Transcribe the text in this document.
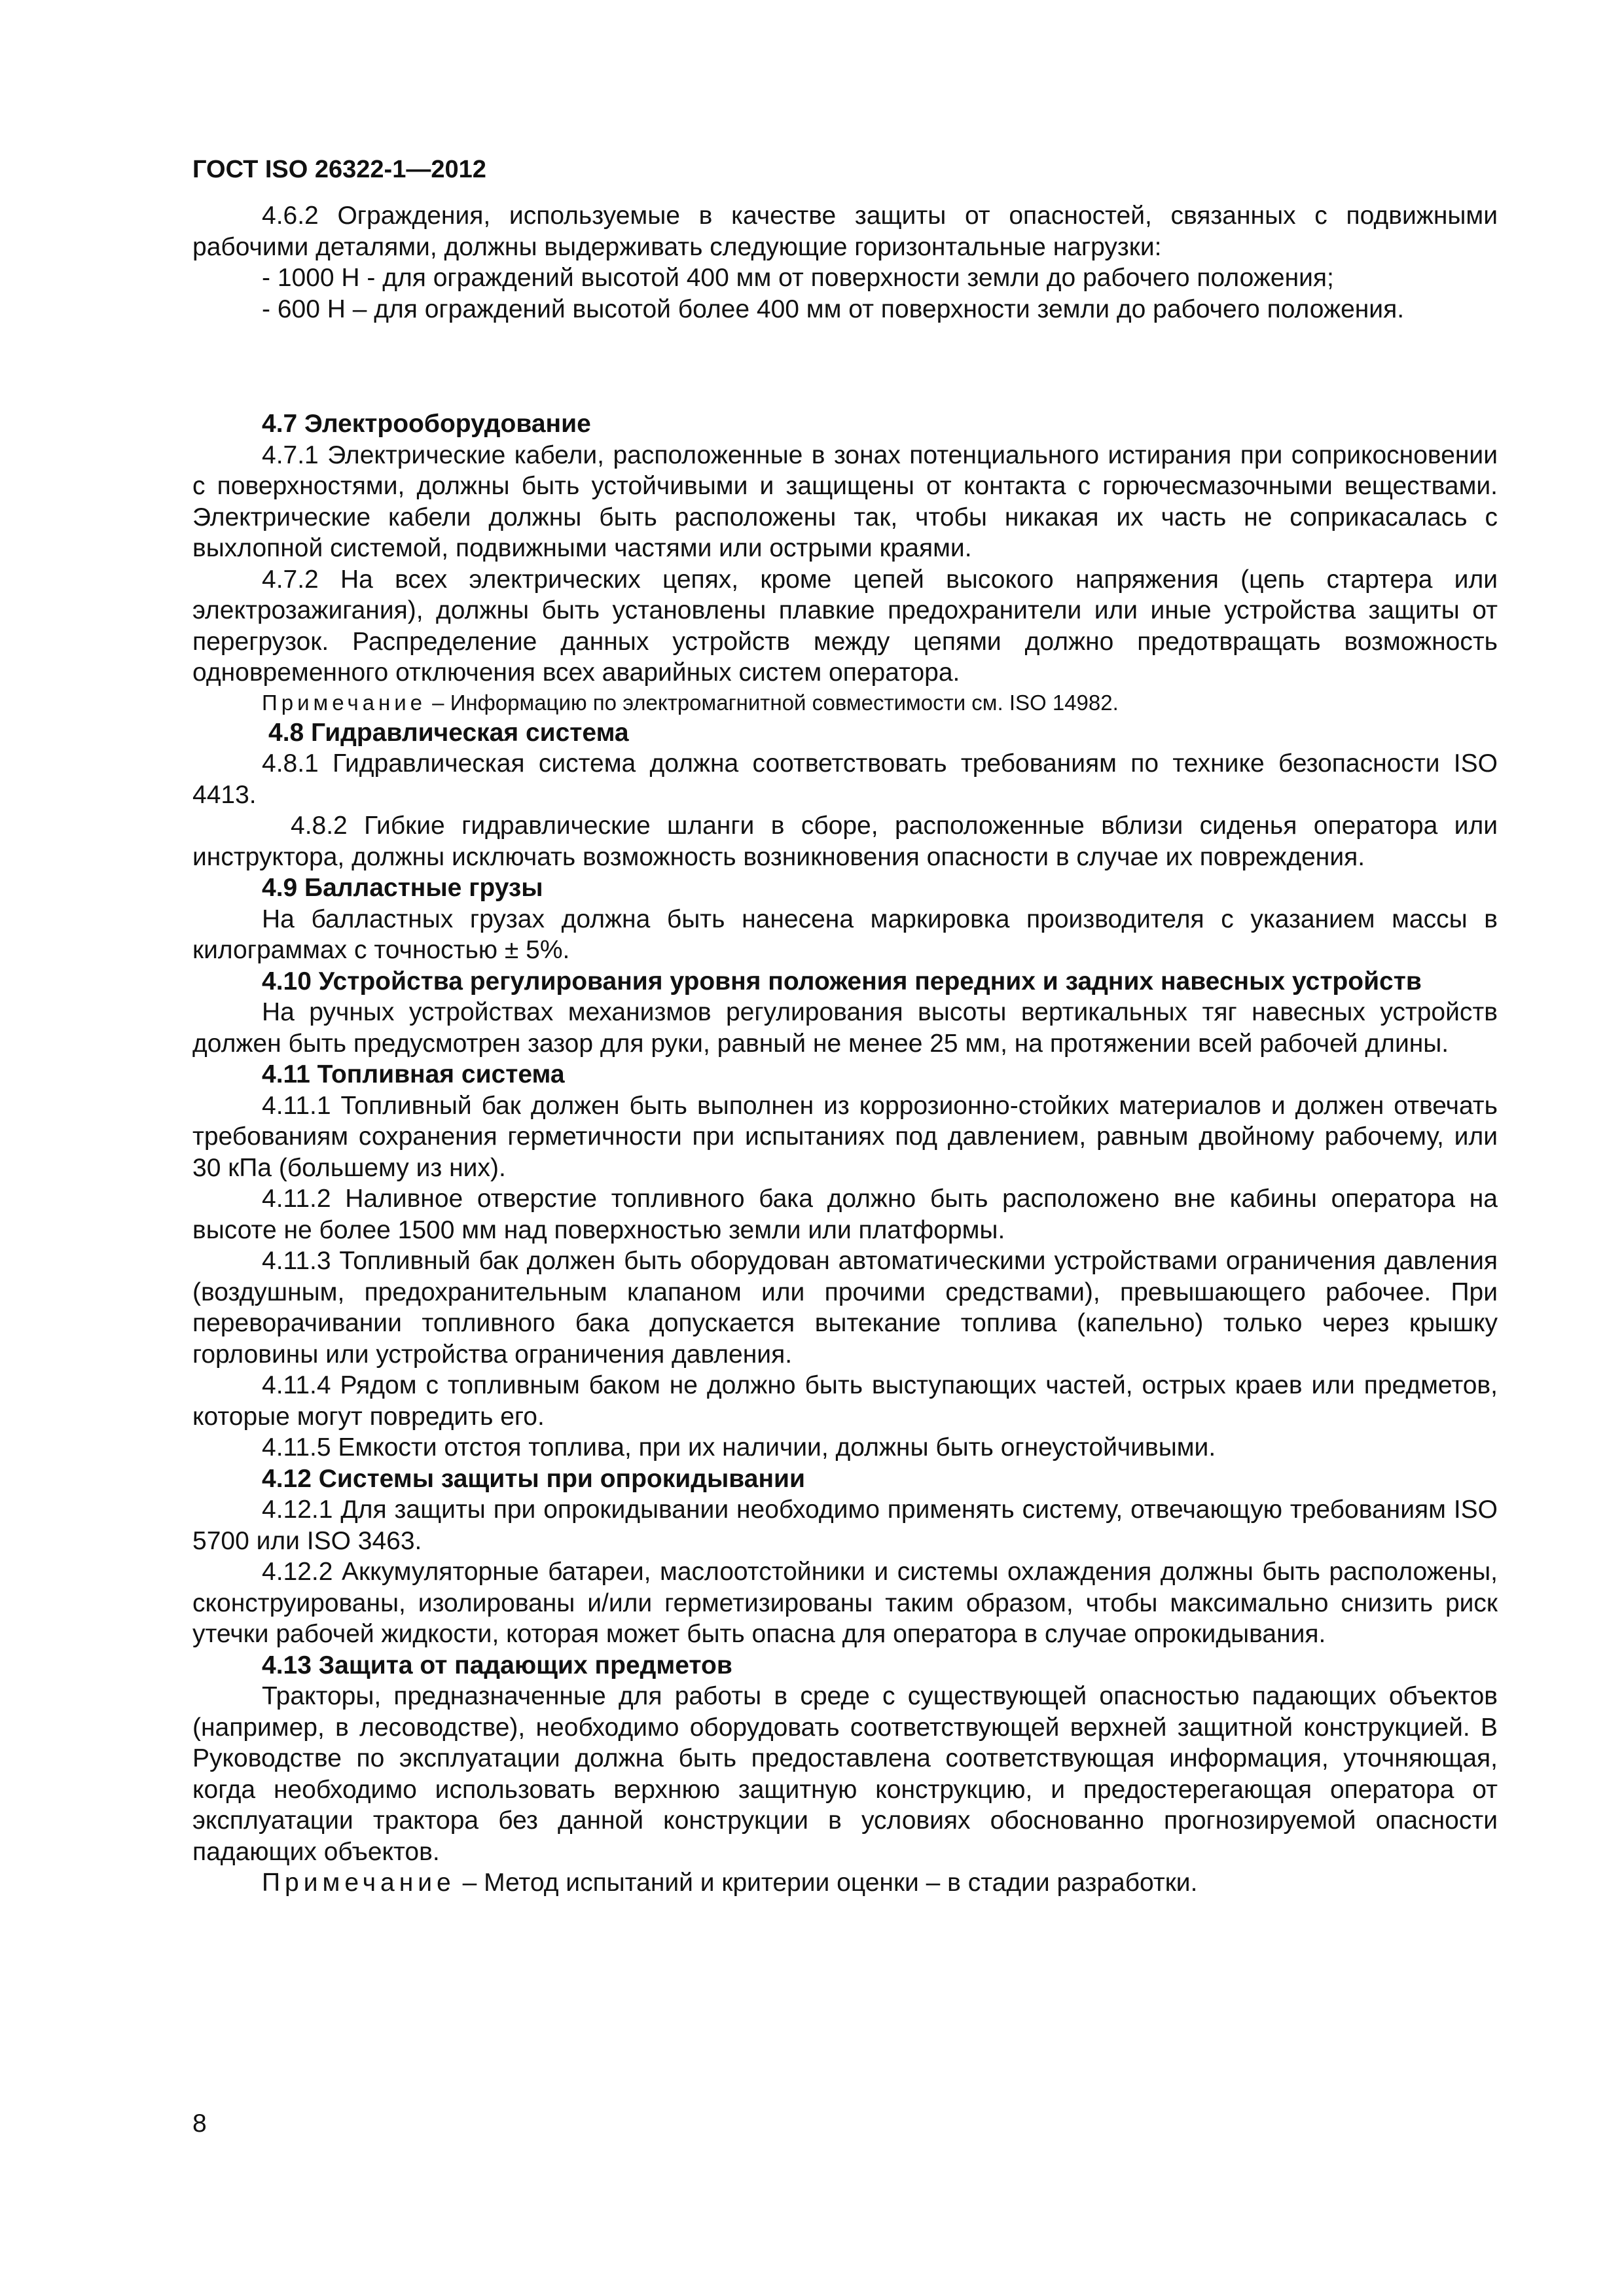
ГОСТ ISO 26322-1—2012

4.6.2 Ограждения, используемые в качестве защиты от опасностей, связанных с подвижными рабочими деталями, должны выдерживать следующие горизонтальные нагрузки:

- 1000 Н - для ограждений высотой 400 мм от поверхности земли до рабочего положения;

- 600 Н – для ограждений высотой более 400 мм от поверхности земли до рабочего положения.

4.7 Электрооборудование

4.7.1 Электрические кабели, расположенные в зонах потенциального истирания при соприкосновении с поверхностями, должны быть устойчивыми и защищены от контакта с горючесмазочными веществами. Электрические кабели должны быть расположены так, чтобы никакая их часть не соприкасалась с выхлопной системой, подвижными частями или острыми краями.

4.7.2 На всех электрических цепях, кроме цепей высокого напряжения (цепь стартера или электрозажигания), должны быть установлены плавкие предохранители или иные устройства защиты от перегрузок. Распределение данных устройств между цепями должно предотвращать возможность одновременного отключения всех аварийных систем оператора.

Примечание – Информацию по электромагнитной совместимости см. ISO 14982.

4.8 Гидравлическая система

4.8.1 Гидравлическая система должна соответствовать требованиям по технике безопасности ISO 4413.

4.8.2 Гибкие гидравлические шланги в сборе, расположенные вблизи сиденья оператора или инструктора, должны исключать возможность возникновения опасности в случае их повреждения.

4.9 Балластные грузы

На балластных грузах должна быть нанесена маркировка производителя с указанием массы в килограммах с точностью ± 5%.

4.10 Устройства регулирования уровня положения передних и задних навесных устройств

На ручных устройствах механизмов регулирования высоты вертикальных тяг навесных устройств должен быть предусмотрен зазор для руки, равный не менее 25 мм, на протяжении всей рабочей длины.

4.11 Топливная система

4.11.1 Топливный бак должен быть выполнен из коррозионно-стойких материалов и должен отвечать требованиям сохранения герметичности при испытаниях под давлением, равным двойному рабочему, или 30 кПа (большему из них).

4.11.2 Наливное отверстие топливного бака должно быть расположено вне кабины оператора на высоте не более 1500 мм над поверхностью земли или платформы.

4.11.3 Топливный бак должен быть оборудован автоматическими устройствами ограничения давления (воздушным, предохранительным клапаном или прочими средствами), превышающего рабочее. При переворачивании топливного бака допускается вытекание топлива (капельно) только через крышку горловины или устройства ограничения давления.

4.11.4 Рядом с топливным баком не должно быть выступающих частей, острых краев или предметов, которые могут повредить его.

4.11.5 Емкости отстоя топлива, при их наличии, должны быть огнеустойчивыми.

4.12 Системы защиты при опрокидывании

4.12.1 Для защиты при опрокидывании необходимо применять систему, отвечающую требованиям ISO 5700 или ISO 3463.

4.12.2 Аккумуляторные батареи, маслоотстойники и системы охлаждения должны быть расположены, сконструированы, изолированы и/или герметизированы таким образом, чтобы максимально снизить риск утечки рабочей жидкости, которая может быть опасна для оператора в случае опрокидывания.

4.13 Защита от падающих предметов

Тракторы, предназначенные для работы в среде с существующей опасностью падающих объектов (например, в лесоводстве), необходимо оборудовать соответствующей верхней защитной конструкцией. В Руководстве по эксплуатации должна быть предоставлена соответствующая информация, уточняющая, когда необходимо использовать верхнюю защитную конструкцию, и предостерегающая оператора от эксплуатации трактора без данной конструкции в условиях обоснованно прогнозируемой опасности падающих объектов.

Примечание – Метод испытаний и критерии оценки – в стадии разработки.

8
